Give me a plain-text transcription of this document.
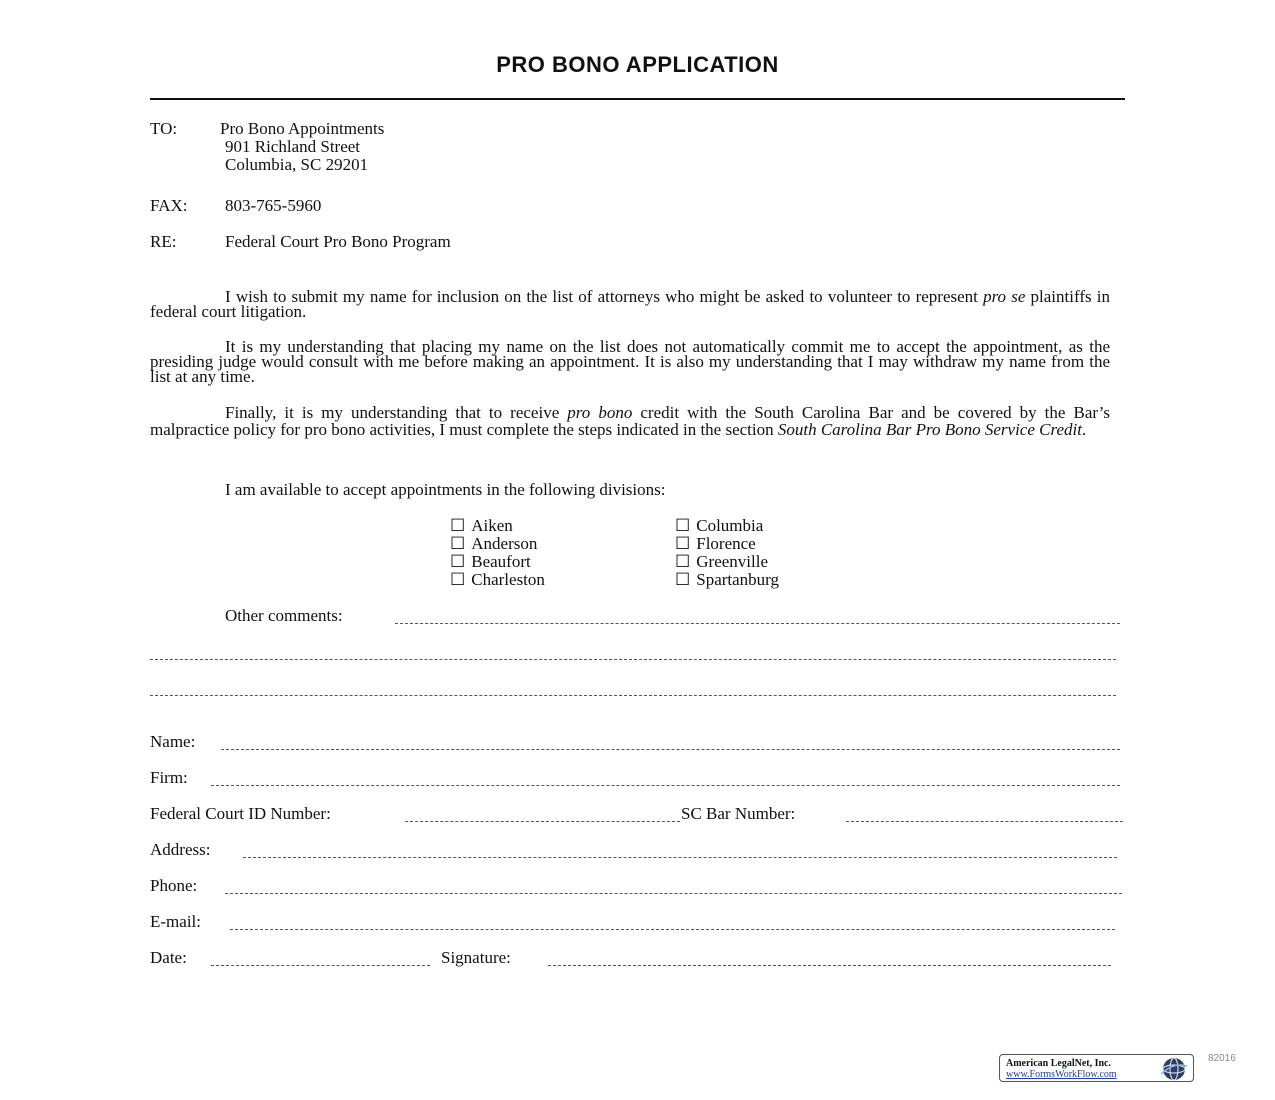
PRO BONO APPLICATION
TO:	Pro Bono Appointments
901 Richland Street
Columbia, SC 29201
FAX: 803-765-5960
RE:	Federal Court Pro Bono Program
I wish to submit my name for inclusion on the list of attorneys who might be asked to volunteer to represent pro se plaintiffs in federal court litigation.
It is my understanding that placing my name on the list does not automatically commit me to accept the appointment, as the presiding judge would consult with me before making an appointment. It is also my understanding that I may withdraw my name from the list at any time.
Finally, it is my understanding that to receive pro bono credit with the South Carolina Bar and be covered by the Bar’s malpractice policy for pro bono activities, I must complete the steps indicated in the section South Carolina Bar Pro Bono Service Credit.
I am available to accept appointments in the following divisions:
☐ Aiken
☐ Anderson
☐ Beaufort
☐ Charleston
☐ Columbia
☐ Florence
☐ Greenville
☐ Spartanburg
Other comments:
Name:
Firm:
Federal Court ID Number:	SC Bar Number:
Address:
Phone:
E-mail:
Date:	Signature:
American LegalNet, Inc.
www.FormsWorkFlow.com
82016
